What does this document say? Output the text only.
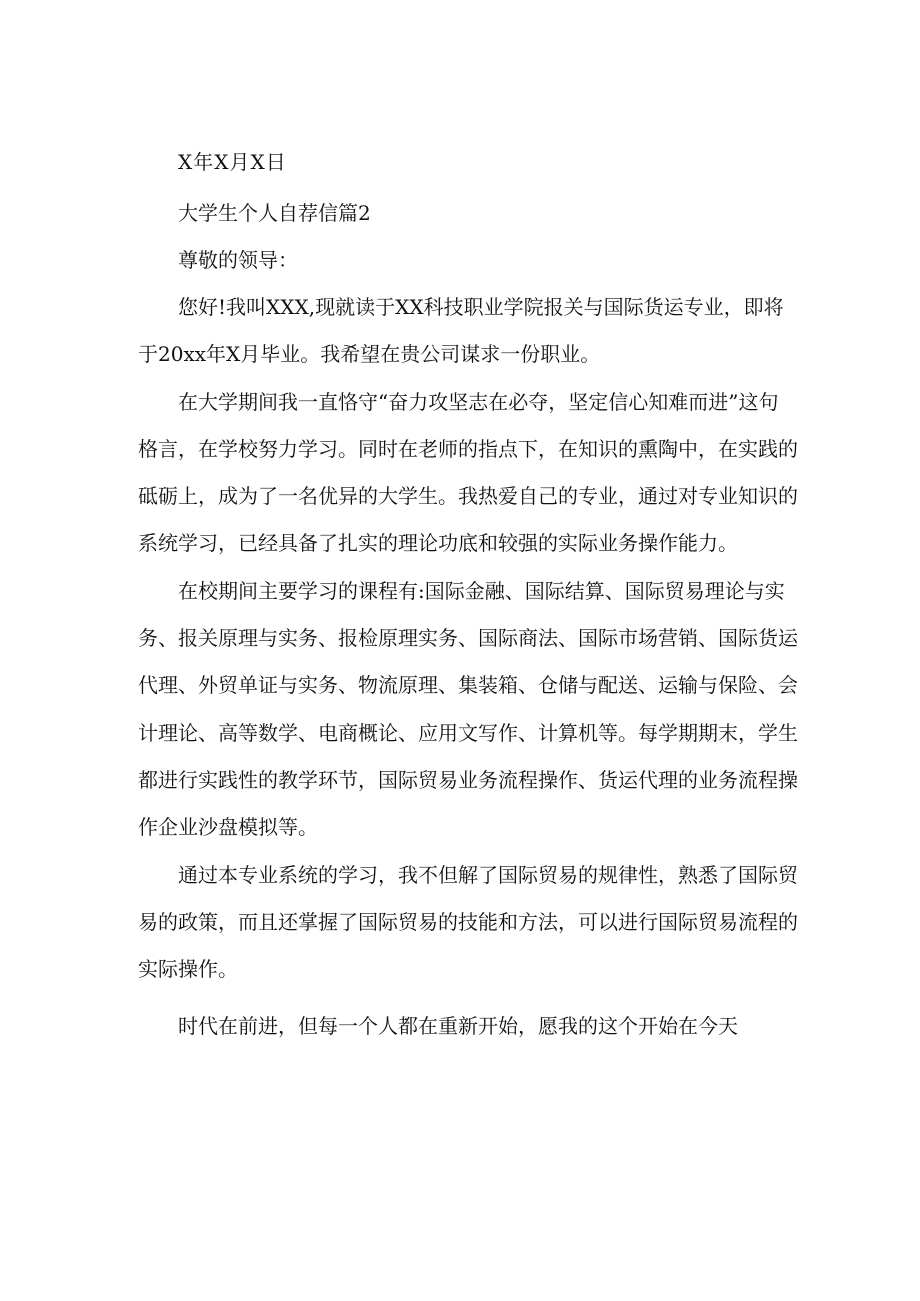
X年X月X日
大学生个人自荐信篇2
尊敬的领导：
您好!我叫XXX,现就读于XX科技职业学院报关与国际货运专业，即将
于20xx年X月毕业。我希望在贵公司谋求一份职业。
在大学期间我一直恪守“奋力攻坚志在必夺，坚定信心知难而进”这句
格言，在学校努力学习。同时在老师的指点下，在知识的熏陶中，在实践的
砥砺上，成为了一名优异的大学生。我热爱自己的专业，通过对专业知识的
系统学习，已经具备了扎实的理论功底和较强的实际业务操作能力。
在校期间主要学习的课程有:国际金融、国际结算、国际贸易理论与实
务、报关原理与实务、报检原理实务、国际商法、国际市场营销、国际货运
代理、外贸单证与实务、物流原理、集装箱、仓储与配送、运输与保险、会
计理论、高等数学、电商概论、应用文写作、计算机等。每学期期末，学生
都进行实践性的教学环节，国际贸易业务流程操作、货运代理的业务流程操
作企业沙盘模拟等。
通过本专业系统的学习，我不但解了国际贸易的规律性，熟悉了国际贸
易的政策，而且还掌握了国际贸易的技能和方法，可以进行国际贸易流程的
实际操作。
时代在前进，但每一个人都在重新开始，愿我的这个开始在今天
